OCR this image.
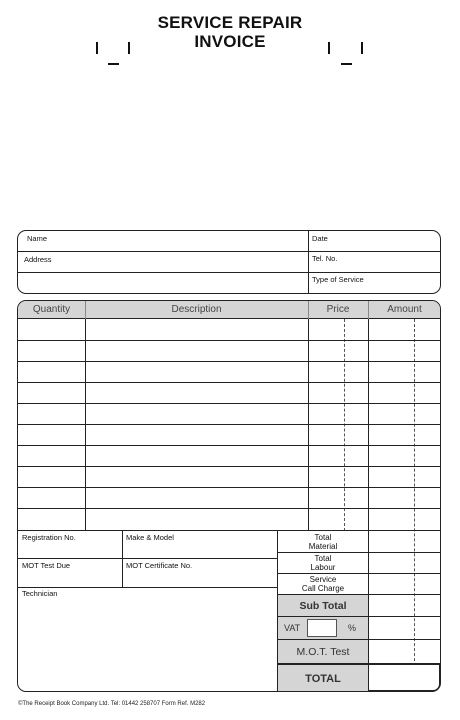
SERVICE REPAIR
INVOICE
Name	Date
Address	Tel. No.
Type of Service
Quantity	Description	Price	Amount
Registration No.	Make & Model
MOT Test Due	MOT Certificate No.
Technician
Total
Material
Total
Labour
Service
Call Charge
Sub Total
VAT	%
M.O.T. Test
TOTAL
©The Receipt Book Company Ltd. Tel: 01442 258707 Form Ref. M282
